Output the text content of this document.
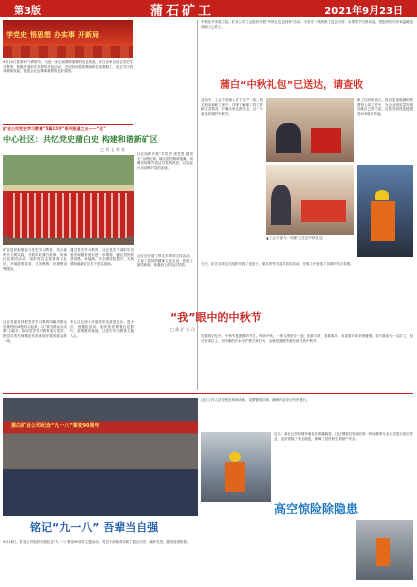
第3版	蒲石矿工	2021年9月23日
学党史 悟思想 办实事 开新局
9月10日是第37个教师节，为进一步弘扬尊师重教的优良传统，矿区各单位结合党史学习教育，积极开展形式多样的庆祝活动，走访慰问退休教师和在岗教职工，送去节日的问候和祝福，营造全社会尊师重教的良好氛围。
矿业公司党史学习教育“5篇15字”系列报道之五——“化”
中心社区：共忆党史蒲白史 构建和谐新矿区
□ 刘 玉 李 君
社区组织开展“学党史 颂党恩 跟党走”合唱比赛，辖区居民精神饱满，用嘹亮的歌声表达对党的热爱，以实际行动诠释对党的忠诚。
矿区居民积极参与党史学习教育，结合新时代文明实践，开展讲好蒲白故事、传承红色基因活动，组织党员志愿者深入社区，开展政策宣讲、义务维修、环境整治等服务。
社区党委坚持把党史学习教育同解决群众急难愁盼问题结合起来，以“我为群众办实事”为抓手，推动党史学习教育见行见效，把党员的先锋模范作用体现在服务群众的一线。
通过党史学习教育，社区党员干部的宗旨意识和服务意识进一步增强，辖区居民的获得感、幸福感、安全感持续提升，为构建和谐新矿区打下坚实基础。
中心社区深入开展党史宣讲进社区、进小区、进楼院活动，组织居民观看红色影片、参观教育基地，让党史学习教育入脑入心。
社区还开展了形式多样的文体活动，丰富了居民的精神文化生活，营造了团结和谐、积极向上的社区氛围。
中秋佳节来临之际，矿业公司工会组织开展“中秋礼包送到家”活动，为坚守一线的职工送去月饼、水果等节日慰问品，把组织的关怀和温暖送到职工心坎上。
蒲白“中秋礼包”已送达，请查收
活动中，工会干部深入井下生产一线、机关科室和职工家中，详细了解职工的工作和生活情况，叮嘱大家注意安全，过一个欢乐祥和的中秋节。
职工们纷纷表示，将以更加饱满的热情投入到工作中，为企业高质量发展贡献自己的力量，以优异成绩迎接建党100周年华诞。
▲工会干部为一线职工送去中秋礼包
当天，矿区各单位还组织开展了包饺子、做月饼等丰富多彩的活动，在职工中营造了浓厚的节日氛围。
“我”眼中的中秋节
□ 蒲 矿 公 司
在我的记忆中，中秋节是团圆的节日。每到中秋，一家人围坐在一起，吃着月饼，赏着明月，诉说着对未来的憧憬。如今我成为一名矿工，坚守在岗位上，用辛勤的汗水守护着万家灯火，这就是我眼中最有意义的中秋节。
蒲白矿业公司纪念“九一八”事变90周年
铭记“九一八” 吾辈当自强
9月18日，矿业公司组织开展纪念“九一八”事变90周年主题活动，党员干部和青年职工铭记历史、缅怀先烈，激发爱国热情。
社区工作人员全程在现场协助，设置警戒区域，确保作业安全有序进行。
高空惊险除隐患
近日，某社区居民楼外墙存在脱落隐患，社区网格员发现后第一时间联系专业人员进行高空作业，及时消除了安全隐患，保障了居民的生命财产安全。
